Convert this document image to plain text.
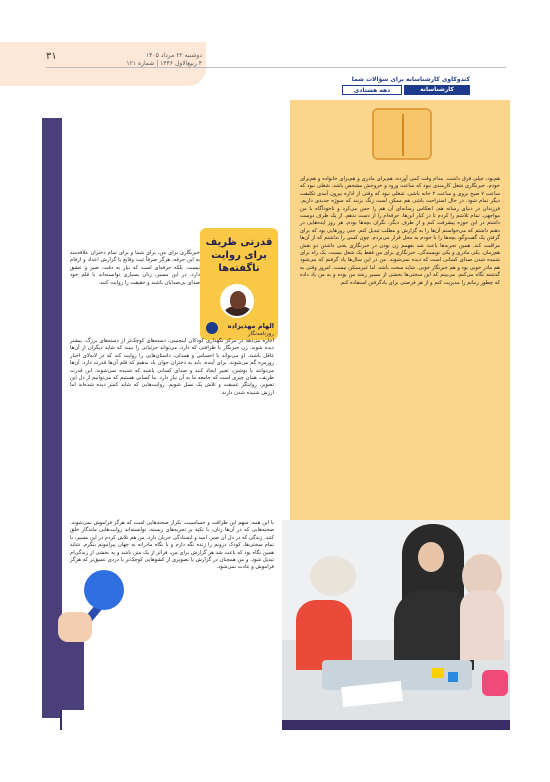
۳۱	دوشنبه ۲۲ مرداد ۱۴۰۵
۴ ربیع‌الاول ۱۴۴۶ | شماره ۱۲۱
کندوکاوی کارشناسانه برای سؤالات شما
کارشناسانه
دهه هشتادی
هم‌بود، خیلی فرق داشت. مدام وقت کمی آورده، هم‌برای مادری و هم‌برای خانواده و هم‌برای خودم. خبرنگاری شغل کارمندی نبود که ساعت ورود و خروجش مشخص باشد. شغلی نبود که ساعت ۷ صبح بروی و ساعت ۲ خانه باشی. شغلی نبود که وقتی از اداره بیرون آمدی تکلیفت دیگر تمام شود. در حال استراحت باشی هم ممکن است زنگ بزنند که سوژه جدیدی داریم. فرزندان در دنیای رسانه هم، انعکاس رسانه‌ای آن هم را حس می‌کرد و ناخودآگاه با من مواجهی. تمام تلاشم را کردم تا در کنار این‌ها، حرفه‌ام را از دست ندهم. از یک طرف دوست داشتم در این حوزه پیشرفت کنم و از طرف دیگر، نگران بچه‌ها بودم. هر روز ایده‌هایی در ذهنم داشتم که می‌خواستم آن‌ها را به گزارش و مطلب تبدیل کنم. حتی روزهایی بود که برای گرفتن یک گفت‌وگو، بچه‌ها را با خودم به محل قرار می‌بردم. چون کسی را نداشتم که از آن‌ها مراقبت کند. همین تجربه‌ها باعث شد بفهمم زن بودن در خبرنگاری یعنی داشتن دو نقش هم‌زمان. یکی مادری و یکی نویسندگی. خبرنگاری برای من فقط یک شغل نیست. یک راه برای شنیده شدن صدای کسانی است که دیده نمی‌شوند. من در این سال‌ها یاد گرفتم که می‌شود هم مادر خوبی بود و هم خبرنگار خوبی. شاید سخت باشد، اما غیرممکن نیست. امروز وقتی به گذشته نگاه می‌کنم، می‌بینم که این سختی‌ها بخشی از مسیر رشد من بوده و به من یاد داده که چطور زمانم را مدیریت کنم و از هر فرصتی برای یادگرفتن استفاده کنم.
قدرتی ظریف برای روایت ناگفته‌ها
الهام مهدیزاده
روزنامه‌نگار
خبرنگاری برای من، برای شما و برای تمام دختران علاقه‌مند به این حرفه، هرگز صرفاً ثبت وقایع یا گزارش اعداد و ارقام نیست. بلکه حرفه‌ای است که نیاز به دقت، صبر و عشق دارد. در این مسیر، زنان بسیاری توانسته‌اند با قلم خود صدای بی‌صدایان باشند و حقیقت را روایت کنند.
اجازه می‌دهد در مرکز نگهداری کودکان اینچنینی، دسته‌های کوچک‌تر از دسته‌های بزرگ، بیشتر دیده شوند. زن خبرنگار با ظرافتی که دارد، می‌تواند جزئیاتی را ببیند که شاید دیگران از آن‌ها غافل باشند. او می‌تواند با احساس و همدلی، داستان‌هایی را روایت کند که در لابه‌لای اخبار روزمره گم می‌شوند. برای آینده، باید به دختران جوان یاد بدهیم که قلم آن‌ها قدرت دارد. آن‌ها می‌توانند با نوشتن، تغییر ایجاد کنند و صدای کسانی باشند که شنیده نمی‌شوند. این قدرت ظریف، همان چیزی است که جامعه ما به آن نیاز دارد. ما کسانی هستیم که می‌توانیم از دل این تصویر، روایتگر عمیقت و تلاش یک نسل شویم. روایت‌هایی که شاید کمتر دیده شده‌اند اما ارزش شنیده شدن دارند.
با این همه، سهم این ظرافت و حساسیت، تکرار صحنه‌هایی است که هرگز فراموش نمی‌شوند. صحنه‌هایی که در آن‌ها زنان، با تکیه بر تجربه‌های زیسته، توانسته‌اند روایت‌هایی ماندگار خلق کنند. زندگی که در دل آن صبر، امید و ایستادگی جریان دارد. من هم تلاش کردم در این مسیر، با تمام سختی‌ها، کودک درونم را زنده نگه دارم و با نگاه مادرانه به جهان پیرامونم بنگرم. شاید همین نگاه بود که باعث شد هر گزارش برای من، فراتر از یک متن باشد و به بخشی از زندگی‌ام تبدیل شود. و من همچنان در گزارش با تصویری از کشوهایی کوچک‌تر با دردی عمیق‌تر که هرگز فراموش و عادت نمی‌شود.
